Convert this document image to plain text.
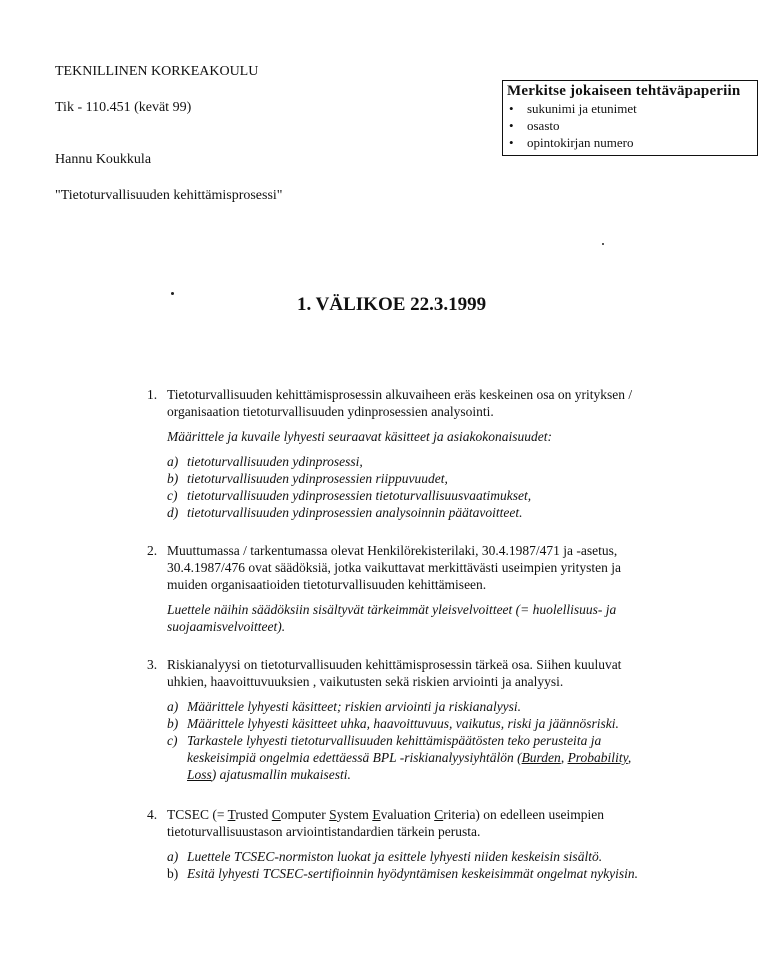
TEKNILLINEN KORKEAKOULU
Tik - 110.451 (kevät 99)
Hannu Koukkula
"Tietoturvallisuuden kehittämisprosessi"
Merkitse jokaiseen tehtäväpaperiin
• sukunimi ja etunimet
• osasto
• opintokirjan numero
1. VÄLIKOE 22.3.1999
1. Tietoturvallisuuden kehittämisprosessin alkuvaiheen eräs keskeinen osa on yrityksen /

organisaation tietoturvallisuuden ydinprosessien analysointi.

Määrittele ja kuvaile lyhyesti seuraavat käsitteet ja asiakokonaisuudet:

a) tietoturvallisuuden ydinprosessi,
b) tietoturvallisuuden ydinprosessien riippuvuudet,
c) tietoturvallisuuden ydinprosessien tietoturvallisuusvaatimukset,
d) tietoturvallisuuden ydinprosessien analysoinnin päätavoitteet.
2. Muuttumassa / tarkentumassa olevat Henkilörekisterilaki, 30.4.1987/471 ja -asetus,

30.4.1987/476 ovat säädöksiä, jotka vaikuttavat merkittävästi useimpien yritysten ja

muiden organisaatioiden tietoturvallisuuden kehittämiseen.

Luettele näihin säädöksiin sisältyvät tärkeimmät yleisvelvoitteet (= huolellisuus- ja

suojaamisvelvoitteet).

3. Riskianalyysi on tietoturvallisuuden kehittämisprosessin tärkeä osa. Siihen kuuluvat

uhkien, haavoittuvuuksien , vaikutusten sekä riskien arviointi ja analyysi.

a) Määrittele lyhyesti käsitteet; riskien arviointi ja riskianalyysi.
b) Määrittele lyhyesti käsitteet uhka, haavoittuvuus, vaikutus, riski ja jäännösriski.
c) Tarkastele lyhyesti tietoturvallisuuden kehittämispäätösten teko perusteita ja
keskeisimpiä ongelmia edettäessä BPL -riskianalyysiyhtälön (Burden, Probability,
Loss) ajatusmallin mukaisesti.
4. TCSEC (= Trusted Computer System Evaluation Criteria) on edelleen useimpien

tietoturvallisuustason arviointistandardien tärkein perusta.

a) Luettele TCSEC-normiston luokat ja esittele lyhyesti niiden keskeisin sisältö.
b) Esitä lyhyesti TCSEC-sertifioinnin hyödyntämisen keskeisimmät ongelmat nykyisin.
